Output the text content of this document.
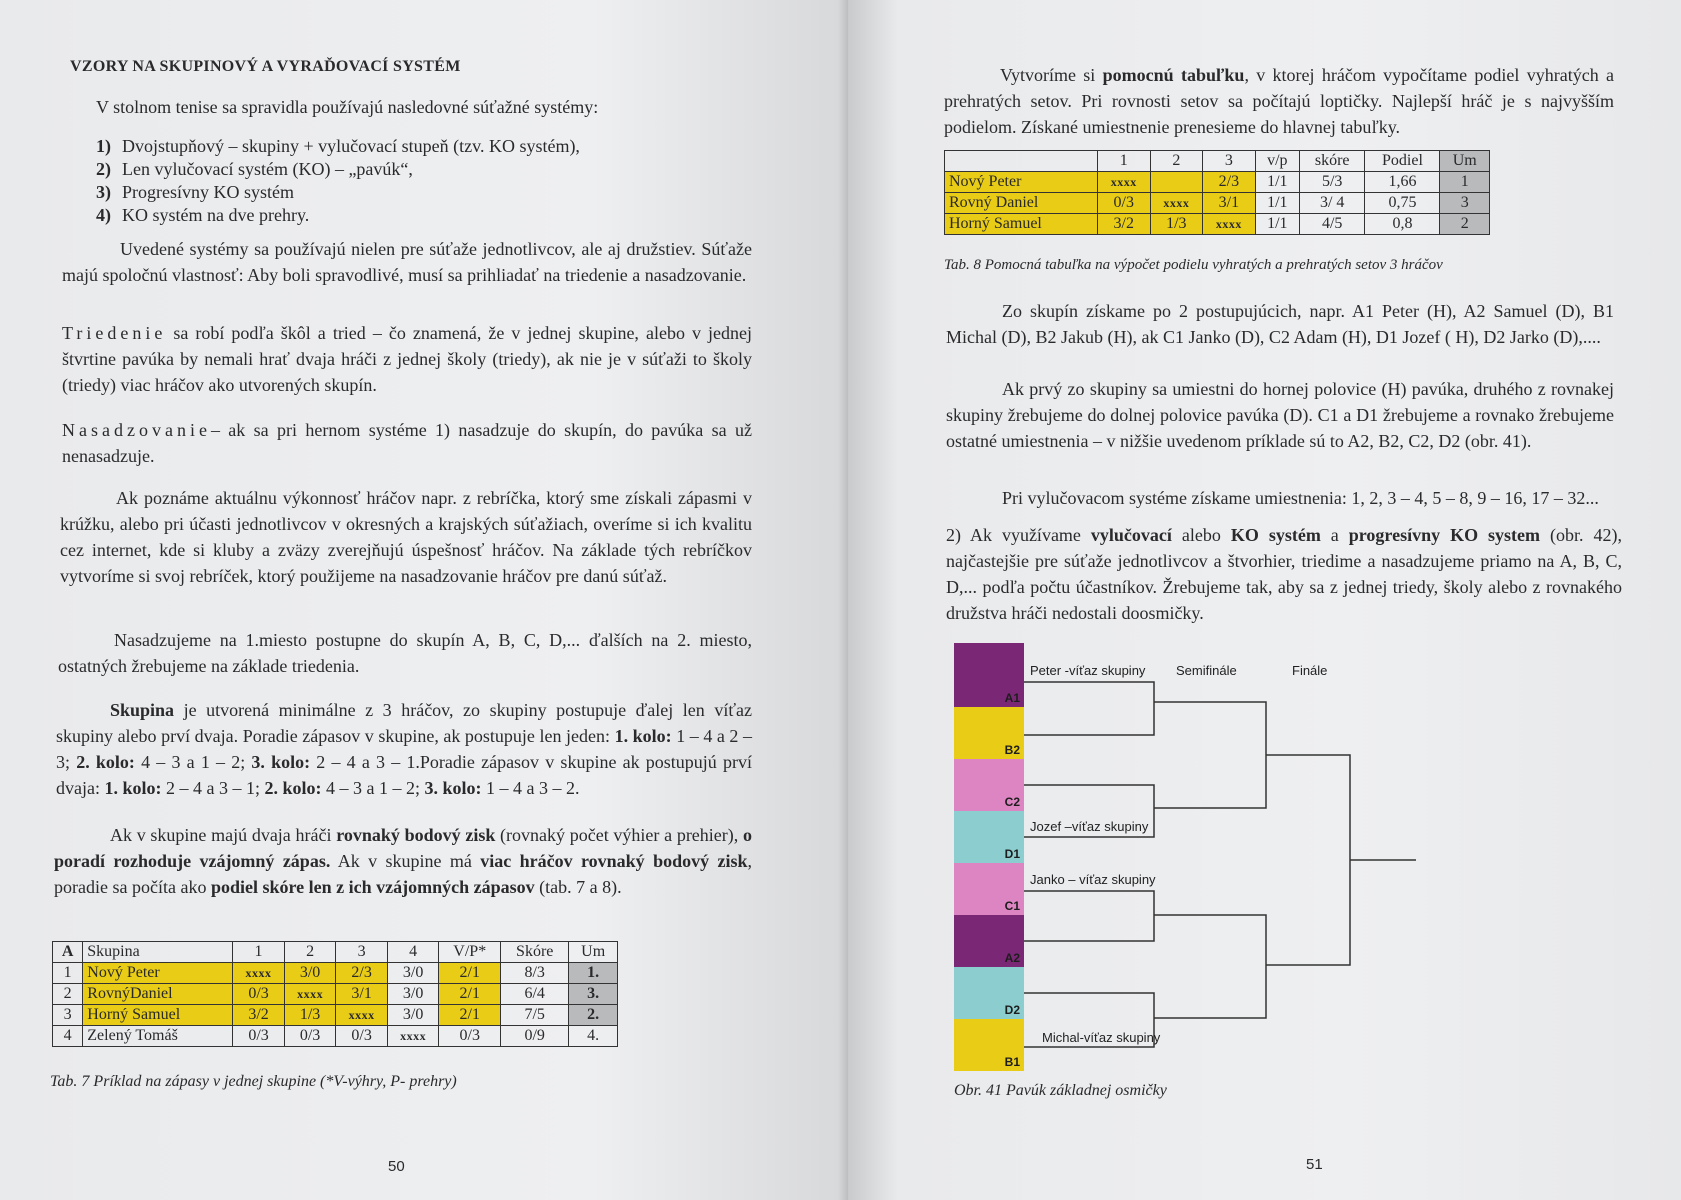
VZORY NA SKUPINOVÝ A VYRAĎOVACÍ SYSTÉM

V stolnom tenise sa spravidla používajú nasledovné súťažné systémy:

1) Dvojstupňový – skupiny + vylučovací stupeň (tzv. KO systém),
2) Len vylučovací systém (KO) – „pavúk“,
3) Progresívny KO systém
4) KO systém na dve prehry.

Uvedené systémy sa používajú nielen pre súťaže jednotlivcov, ale aj družstiev. Súťaže majú spoločnú vlastnosť: Aby boli spravodlivé, musí sa prihliadať na triedenie a nasadzovanie.

Triedenie sa robí podľa škôl a tried – čo znamená, že v jednej skupine, alebo v jednej štvrtine pavúka by nemali hrať dvaja hráči z jednej školy (triedy), ak nie je v súťaži to školy (triedy) viac hráčov ako utvorených skupín.

Nasadzovanie– ak sa pri hernom systéme 1) nasadzuje do skupín, do pavúka sa už nenasadzuje.

Ak poznáme aktuálnu výkonnosť hráčov napr. z rebríčka, ktorý sme získali zápasmi v krúžku, alebo pri účasti jednotlivcov v okresných a krajských súťažiach, overíme si ich kvalitu cez internet, kde si kluby a zväzy zverejňujú úspešnosť hráčov. Na základe tých rebríčkov vytvoríme si svoj rebríček, ktorý použijeme na nasadzovanie hráčov pre danú súťaž.

Nasadzujeme na 1.miesto postupne do skupín A, B, C, D,... ďalších na 2. miesto, ostatných žrebujeme na základe triedenia.

Skupina je utvorená minimálne z 3 hráčov, zo skupiny postupuje ďalej len víťaz skupiny alebo prví dvaja. Poradie zápasov v skupine, ak postupuje len jeden: 1. kolo: 1 – 4 a 2 – 3; 2. kolo: 4 – 3 a 1 – 2; 3. kolo: 2 – 4 a 3 – 1.Poradie zápasov v skupine ak postupujú prví dvaja: 1. kolo: 2 – 4 a 3 – 1; 2. kolo: 4 – 3 a 1 – 2; 3. kolo: 1 – 4 a 3 – 2.

Ak v skupine majú dvaja hráči rovnaký bodový zisk (rovnaký počet výhier a prehier), o poradí rozhoduje vzájomný zápas. Ak v skupine má viac hráčov rovnaký bodový zisk, poradie sa počíta ako podiel skóre len z ich vzájomných zápasov (tab. 7 a 8).

A	Skupina	1	2	3	4	V/P*	Skóre	Um
1	Nový Peter	xxxx	3/0	2/3	3/0	2/1	8/3	1.
2	RovnýDaniel	0/3	xxxx	3/1	3/0	2/1	6/4	3.
3	Horný Samuel	3/2	1/3	xxxx	3/0	2/1	7/5	2.
4	Zelený Tomáš	0/3	0/3	0/3	xxxx	0/3	0/9	4.
Tab. 7 Príklad na zápasy v jednej skupine (*V-výhry, P- prehry)
50

Vytvoríme si pomocnú tabuľku, v ktorej hráčom vypočítame podiel vyhratých a prehratých setov. Pri rovnosti setov sa počítajú loptičky. Najlepší hráč je s najvyšším podielom. Získané umiestnenie prenesieme do hlavnej tabuľky.

	1	2	3	v/p	skóre	Podiel	Um
Nový Peter	xxxx		2/3	1/1	5/3	1,66	1
Rovný Daniel	0/3	xxxx	3/1	1/1	3/ 4	0,75	3
Horný Samuel	3/2	1/3	xxxx	1/1	4/5	0,8	2
Tab. 8 Pomocná tabuľka na výpočet podielu vyhratých a prehratých setov 3 hráčov

Zo skupín získame po 2 postupujúcich, napr. A1 Peter (H), A2 Samuel (D), B1 Michal (D), B2 Jakub (H), ak C1 Janko (D), C2 Adam (H), D1 Jozef ( H), D2 Jarko (D),....

Ak prvý zo skupiny sa umiestni do hornej polovice (H) pavúka, druhého z rovnakej skupiny žrebujeme do dolnej polovice pavúka (D). C1 a D1 žrebujeme a rovnako žrebujeme ostatné umiestnenia – v nižšie uvedenom príklade sú to A2, B2, C2, D2 (obr. 41).

Pri vylučovacom systéme získame umiestnenia: 1, 2, 3 – 4, 5 – 8, 9 – 16, 17 – 32...

2) Ak využívame vylučovací alebo KO systém a progresívny KO system (obr. 42), najčastejšie pre súťaže jednotlivcov a štvorhier, triedime a nasadzujeme priamo na A, B, C, D,... podľa počtu účastníkov. Žrebujeme tak, aby sa z jednej triedy, školy alebo z rovnakého družstva hráči nedostali doosmičky.

A1
B2
C2
D1
C1
A2
D2
B1
Peter -víťaz skupiny Semifinále	Finále
Jozef –víťaz skupiny
Janko – víťaz skupiny
Michal-víťaz skupiny
Obr. 41 Pavúk základnej osmičky
51
